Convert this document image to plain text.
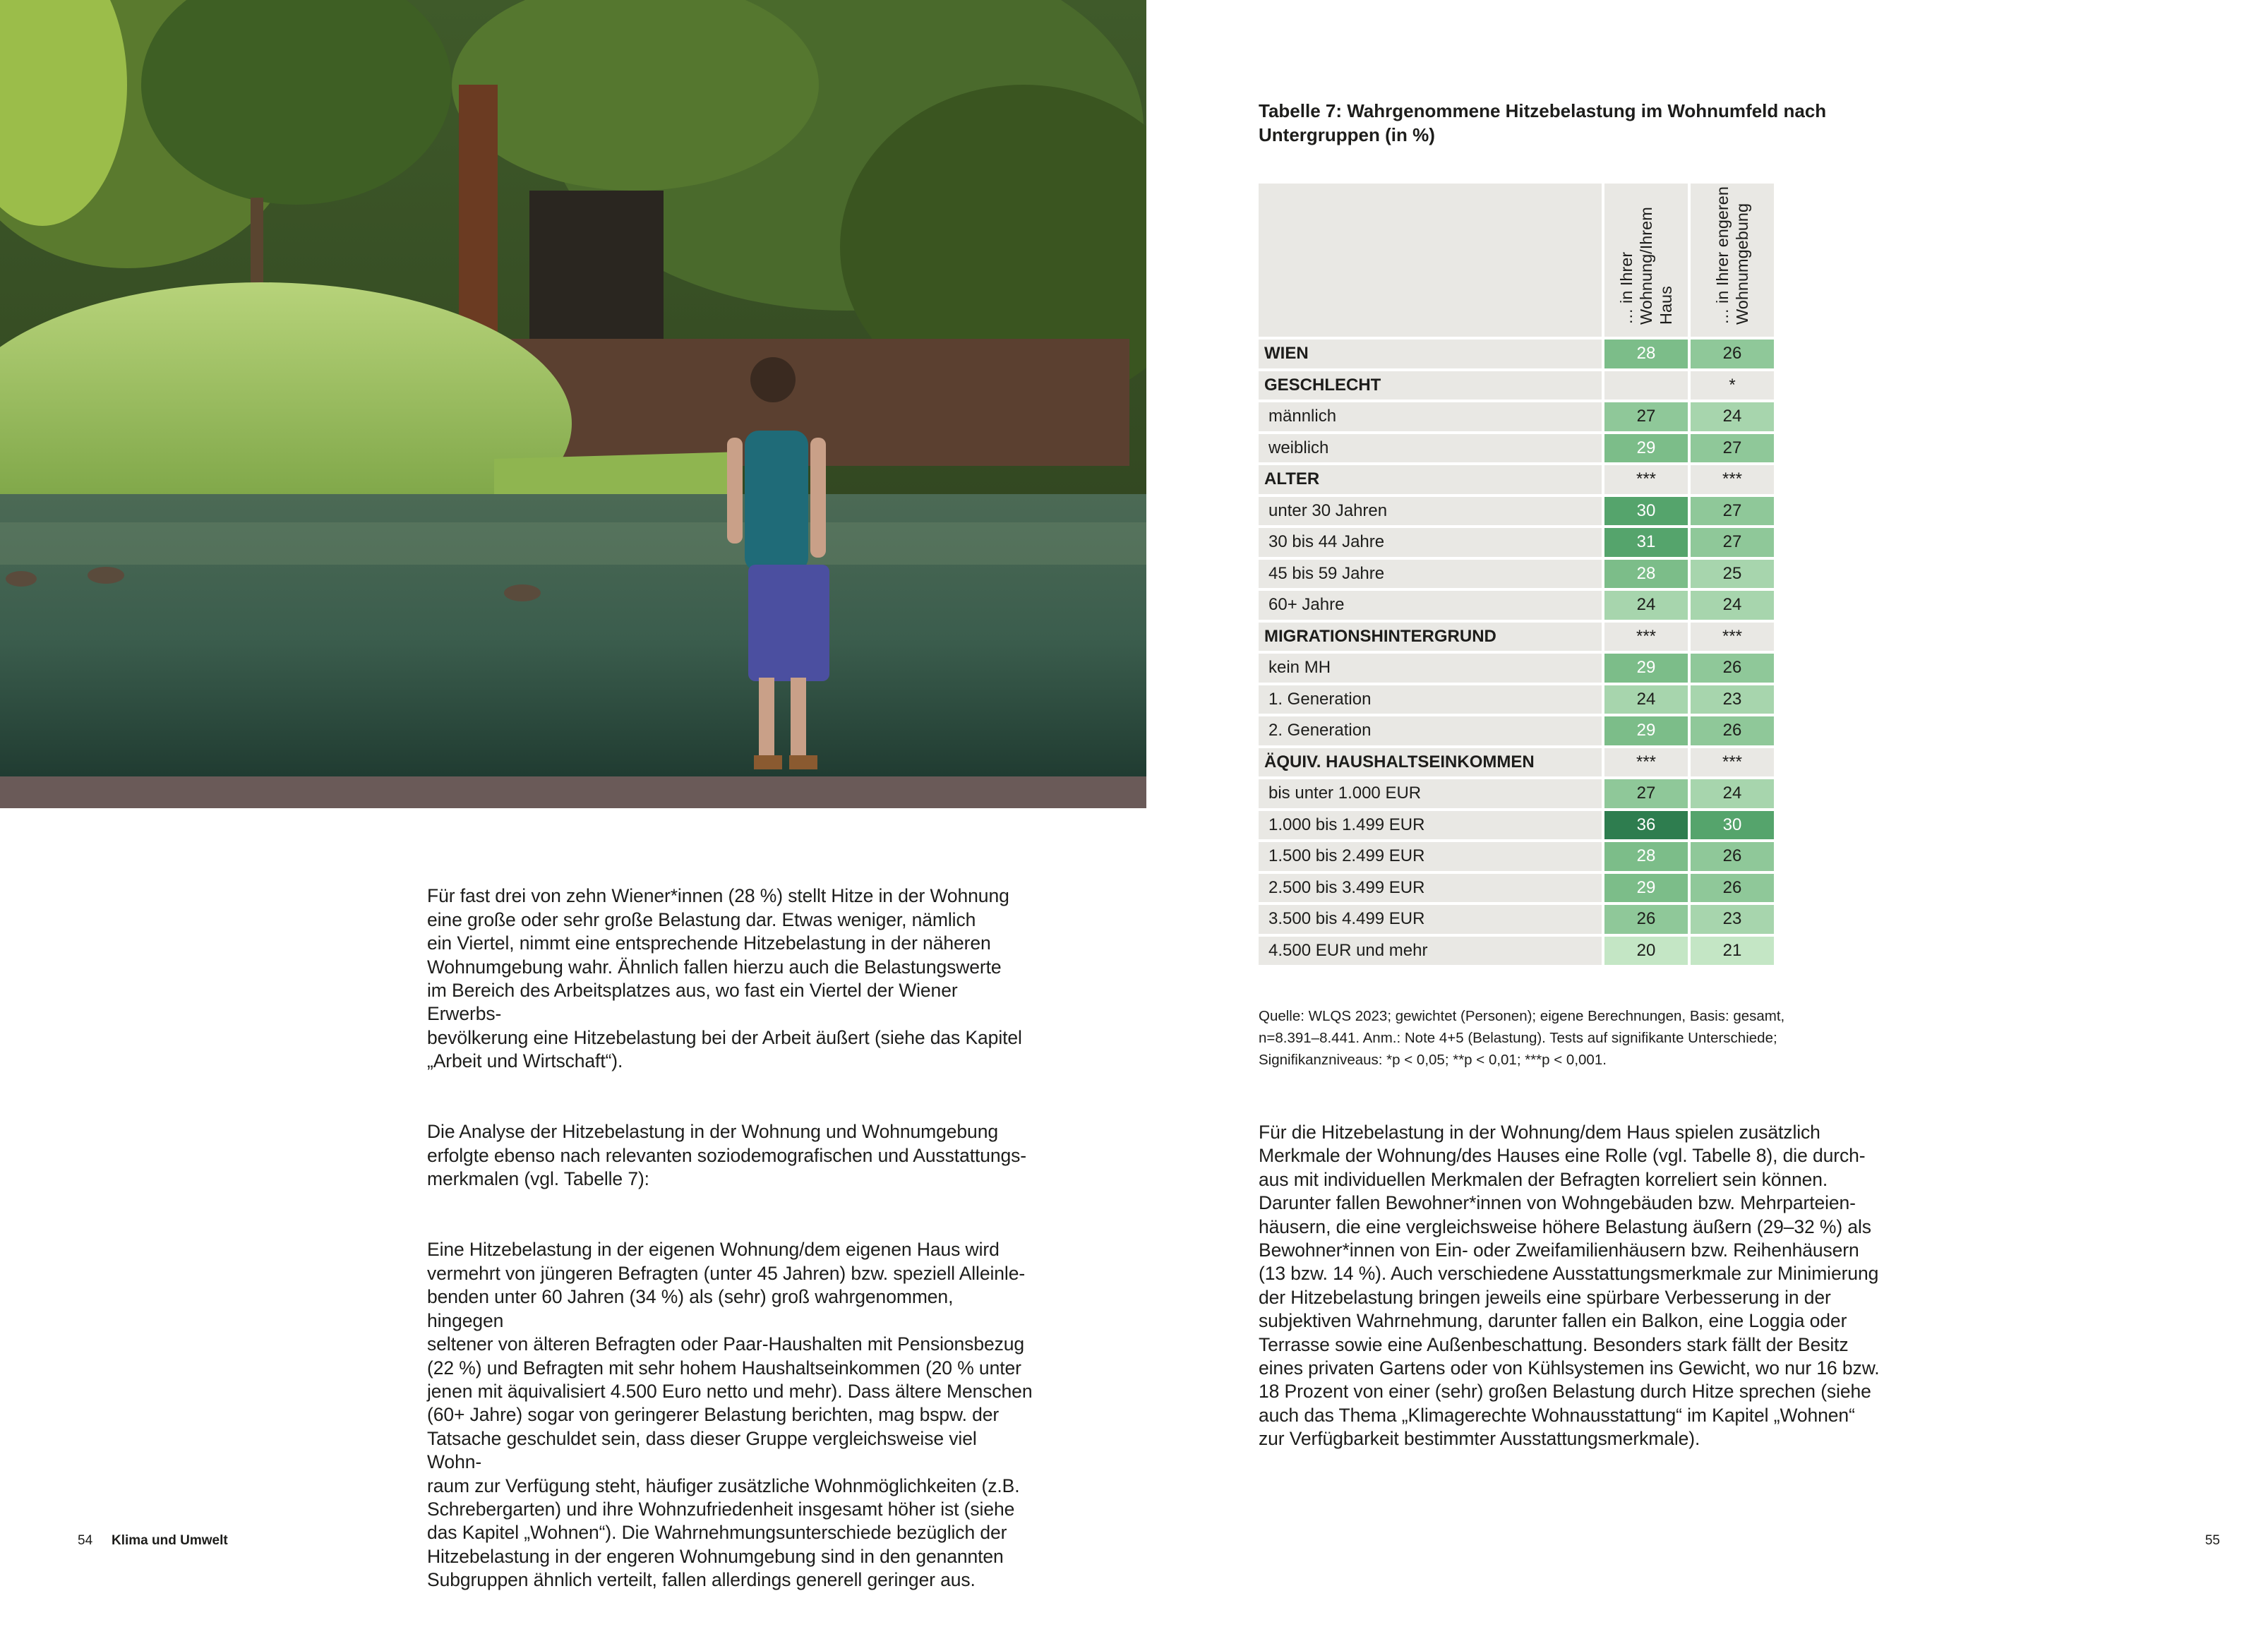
Tabelle 7: Wahrgenommene Hitzebelastung im Wohnumfeld nach
Untergruppen (in %)
	… in Ihrer
Wohnung/Ihrem
Haus	… in Ihrer engeren
Wohnumgebung
WIEN	28	26
GESCHLECHT		*
männlich	27	24
weiblich	29	27
ALTER	***	***
unter 30 Jahren	30	27
30 bis 44 Jahre	31	27
45 bis 59 Jahre	28	25
60+ Jahre	24	24
MIGRATIONSHINTERGRUND	***	***
kein MH	29	26
1. Generation	24	23
2. Generation	29	26
ÄQUIV. HAUSHALTSEINKOMMEN	***	***
bis unter 1.000 EUR	27	24
1.000 bis 1.499 EUR	36	30
1.500 bis 2.499 EUR	28	26
2.500 bis 3.499 EUR	29	26
3.500 bis 4.499 EUR	26	23
4.500 EUR und mehr	20	21

Quelle: WLQS 2023; gewichtet (Personen); eigene Berechnungen, Basis: gesamt,
n=8.391–8.441. Anm.: Note 4+5 (Belastung). Tests auf signifikante Unterschiede;
Signifikanzniveaus: *p < 0,05; **p < 0,01; ***p < 0,001.

Für fast drei von zehn Wiener*innen (28 %) stellt Hitze in der Wohnung
eine große oder sehr große Belastung dar. Etwas weniger, nämlich
ein Viertel, nimmt eine entsprechende Hitzebelastung in der näheren
Wohnumgebung wahr. Ähnlich fallen hierzu auch die Belastungswerte
im Bereich des Arbeitsplatzes aus, wo fast ein Viertel der Wiener Erwerbs-
bevölkerung eine Hitzebelastung bei der Arbeit äußert (siehe das Kapitel
„Arbeit und Wirtschaft“).

Die Analyse der Hitzebelastung in der Wohnung und Wohnumgebung
erfolgte ebenso nach relevanten soziodemografischen und Ausstattungs-
merkmalen (vgl. Tabelle 7):

Eine Hitzebelastung in der eigenen Wohnung/dem eigenen Haus wird
vermehrt von jüngeren Befragten (unter 45 Jahren) bzw. speziell Alleinle-
benden unter 60 Jahren (34 %) als (sehr) groß wahrgenommen, hingegen
seltener von älteren Befragten oder Paar-Haushalten mit Pensionsbezug
(22 %) und Befragten mit sehr hohem Haushaltseinkommen (20 % unter
jenen mit äquivalisiert 4.500 Euro netto und mehr). Dass ältere Menschen
(60+ Jahre) sogar von geringerer Belastung berichten, mag bspw. der
Tatsache geschuldet sein, dass dieser Gruppe vergleichsweise viel Wohn-
raum zur Verfügung steht, häufiger zusätzliche Wohnmöglichkeiten (z.B.
Schrebergarten) und ihre Wohnzufriedenheit insgesamt höher ist (siehe
das Kapitel „Wohnen“). Die Wahrnehmungsunterschiede bezüglich der
Hitzebelastung in der engeren Wohnumgebung sind in den genannten
Subgruppen ähnlich verteilt, fallen allerdings generell geringer aus.

Für die Hitzebelastung in der Wohnung/dem Haus spielen zusätzlich
Merkmale der Wohnung/des Hauses eine Rolle (vgl. Tabelle 8), die durch-
aus mit individuellen Merkmalen der Befragten korreliert sein können.
Darunter fallen Bewohner*innen von Wohngebäuden bzw. Mehrparteien-
häusern, die eine vergleichsweise höhere Belastung äußern (29–32 %) als
Bewohner*innen von Ein- oder Zweifamilienhäusern bzw. Reihenhäusern
(13 bzw. 14 %). Auch verschiedene Ausstattungsmerkmale zur Minimierung
der Hitzebelastung bringen jeweils eine spürbare Verbesserung in der
subjektiven Wahrnehmung, darunter fallen ein Balkon, eine Loggia oder
Terrasse sowie eine Außenbeschattung. Besonders stark fällt der Besitz
eines privaten Gartens oder von Kühlsystemen ins Gewicht, wo nur 16 bzw.
18 Prozent von einer (sehr) großen Belastung durch Hitze sprechen (siehe
auch das Thema „Klimagerechte Wohnausstattung“ im Kapitel „Wohnen“
zur Verfügbarkeit bestimmter Ausstattungsmerkmale).

54 Klima und Umwelt	55
